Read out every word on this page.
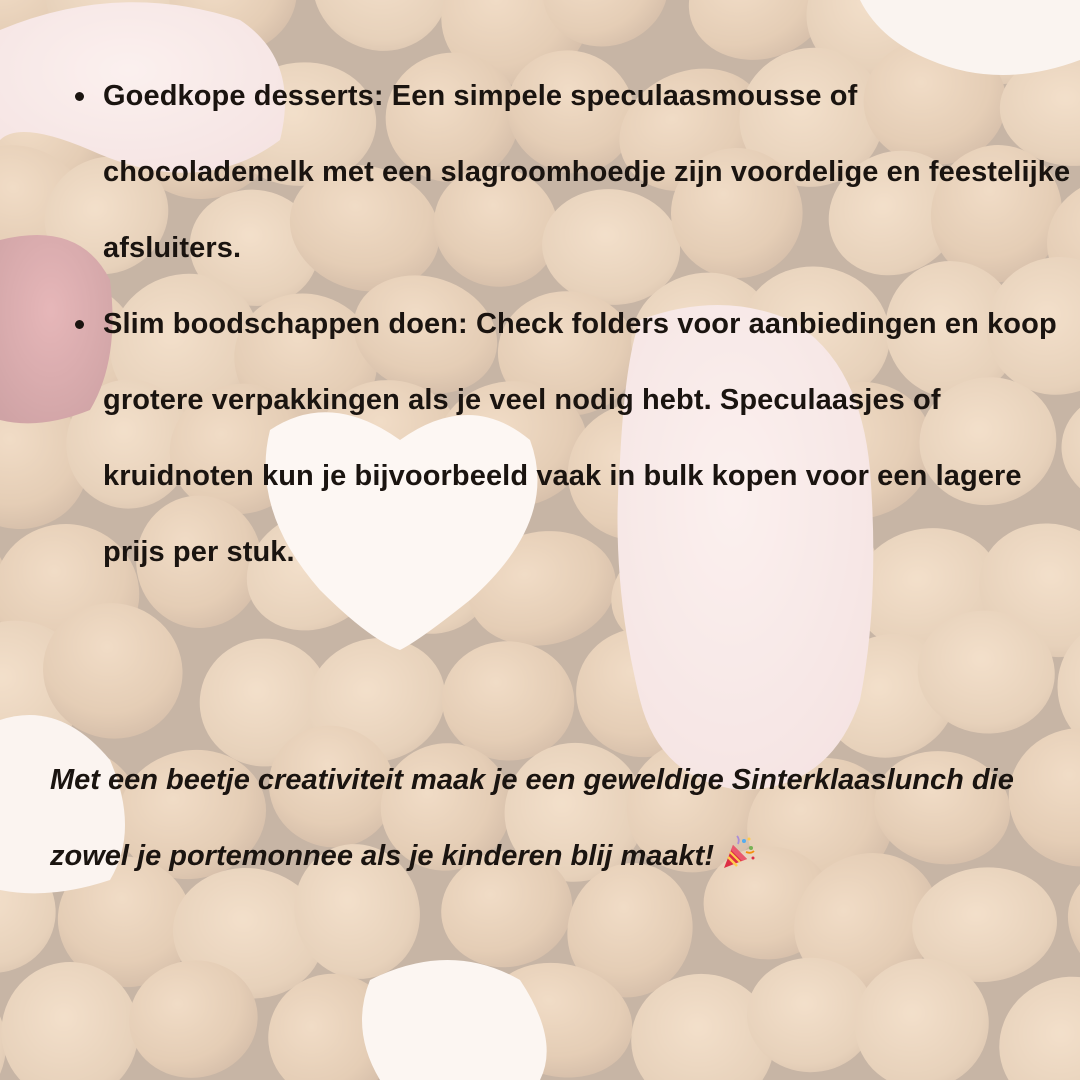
Goedkope desserts: Een simpele speculaasmousse of chocolademelk met een slagroomhoedje zijn voordelige en feestelijke afsluiters.
Slim boodschappen doen: Check folders voor aanbiedingen en koop grotere verpakkingen als je veel nodig hebt. Speculaasjes of kruidnoten kun je bijvoorbeeld vaak in bulk kopen voor een lagere prijs per stuk.

Met een beetje creativiteit maak je een geweldige Sinterklaaslunch die zowel je portemonnee als je kinderen blij maakt!
